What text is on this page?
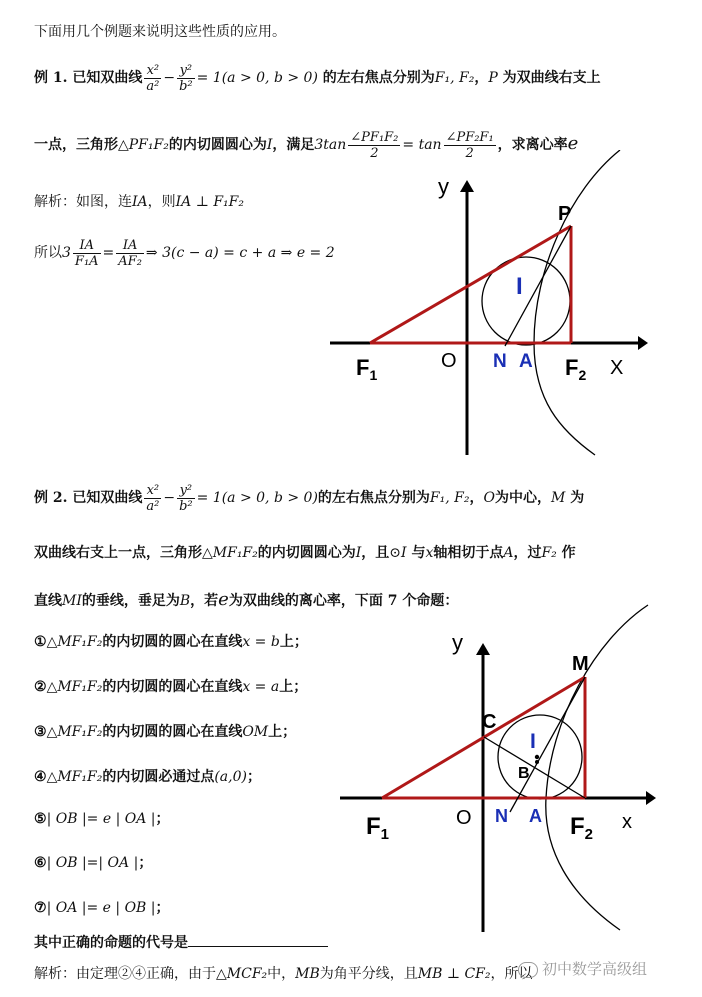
下面用几个例题来说明这些性质的应用。
例 1. 已知双曲线 $\frac{\text{x²}}{\text{a²}} - \frac{\text{y²}}{\text{b²}} = 1(a > 0$, b > 0) 的左右焦点分别为F₁, F₂，P 为双曲线右支上
一点，三角形△PF₁F₂的内切圆圆心为I，满足$3\tan \frac{\text{∠PF₁F₂}}{2} = \tan \frac{\text{∠PF₂F₁}}{2}$ ，求离心率e
解析：如图，连IA，则IA ⊥ F₁F₂
所以$3 \frac{IA}{\text{F₁A}} = \frac{IA}{\text{AF₂}}$ ⇒ 3(c − a) = c + a ⇒ e = 2
y
X
O
P
I
N A
$F_1$	$F_2$
例 2. 已知双曲线 $\frac{\text{x²}}{\text{a²}} - \frac{\text{y²}}{\text{b²}} = 1(a > 0$, b > 0)的左右焦点分别为F₁, F₂，O为中心，M 为
双曲线右支上一点，三角形△MF₁F₂的内切圆圆心为I，且⊙I 与x轴相切于点A，过F₂ 作
直线MI的垂线，垂足为B，若e为双曲线的离心率，下面 7 个命题：
①△MF₁F₂的内切圆的圆心在直线x = b上；
②△MF₁F₂的内切圆的圆心在直线x = a上；
③△MF₁F₂的内切圆的圆心在直线OM上；
④△MF₁F₂的内切圆必通过点(a,0)；
⑤| OB |= e | OA |；
⑥| OB |=| OA |；
⑦| OA |= e | OB |；
其中正确的命题的代号是
解析：由定理②④正确，由于△MCF₂中，MB为角平分线，且MB ⊥ CF₂，所以
y
x
O
M
C
I
B
N A
$F_1$	$F_2$
初中数学高级组
